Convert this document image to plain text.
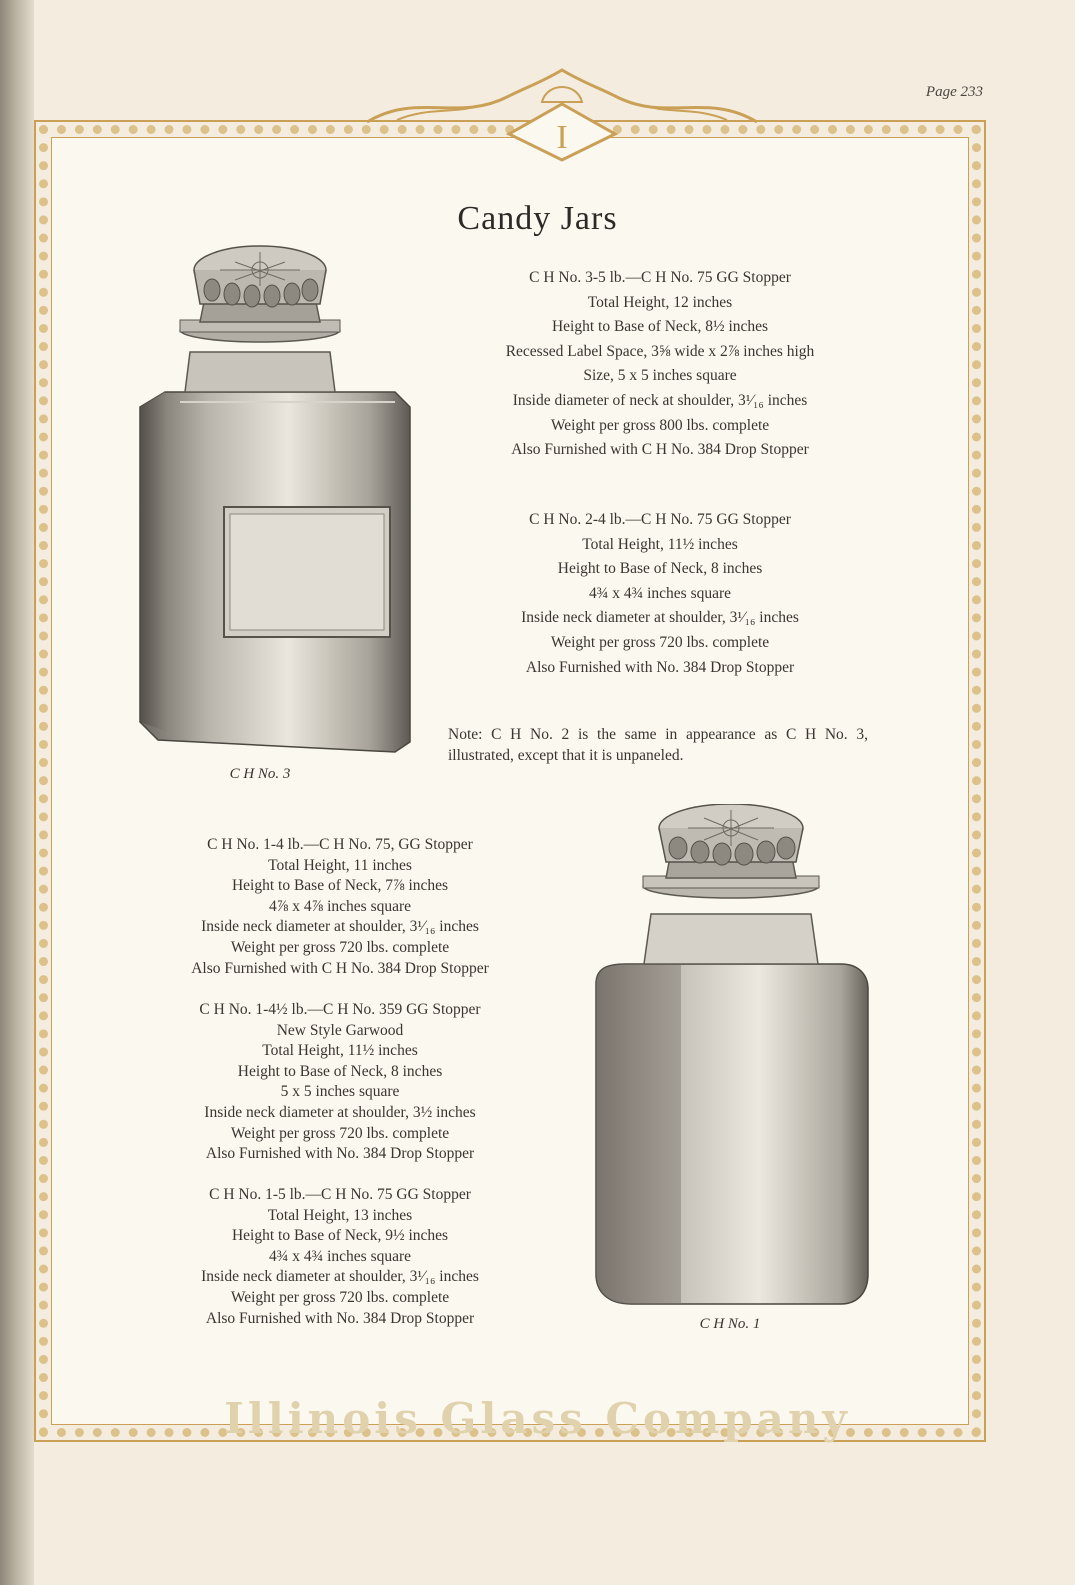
Page 233
I
Candy Jars
C H No. 3-5 lb.—C H No. 75 GG Stopper
Total Height, 12 inches
Height to Base of Neck, 8½ inches
Recessed Label Space, 3⅝ wide x 2⅞ inches high
Size, 5 x 5 inches square
Inside diameter of neck at shoulder, 3¹⁄₁₆ inches
Weight per gross 800 lbs. complete
Also Furnished with C H No. 384 Drop Stopper
C H No. 2-4 lb.—C H No. 75 GG Stopper
Total Height, 11½ inches
Height to Base of Neck, 8 inches
4¾ x 4¾ inches square
Inside neck diameter at shoulder, 3¹⁄₁₆ inches
Weight per gross 720 lbs. complete
Also Furnished with No. 384 Drop Stopper
Note: C H No. 2 is the same in appearance as C H No. 3, illustrated, except that it is unpaneled.
C H No. 3
C H No. 1-4 lb.—C H No. 75, GG Stopper
Total Height, 11 inches
Height to Base of Neck, 7⅞ inches
4⅞ x 4⅞ inches square
Inside neck diameter at shoulder, 3¹⁄₁₆ inches
Weight per gross 720 lbs. complete
Also Furnished with C H No. 384 Drop Stopper
C H No. 1-4½ lb.—C H No. 359 GG Stopper
New Style Garwood
Total Height, 11½ inches
Height to Base of Neck, 8 inches
5 x 5 inches square
Inside neck diameter at shoulder, 3½ inches
Weight per gross 720 lbs. complete
Also Furnished with No. 384 Drop Stopper
C H No. 1-5 lb.—C H No. 75 GG Stopper
Total Height, 13 inches
Height to Base of Neck, 9½ inches
4¾ x 4¾ inches square
Inside neck diameter at shoulder, 3¹⁄₁₆ inches
Weight per gross 720 lbs. complete
Also Furnished with No. 384 Drop Stopper	C H No. 1
Illinois Glass Company
